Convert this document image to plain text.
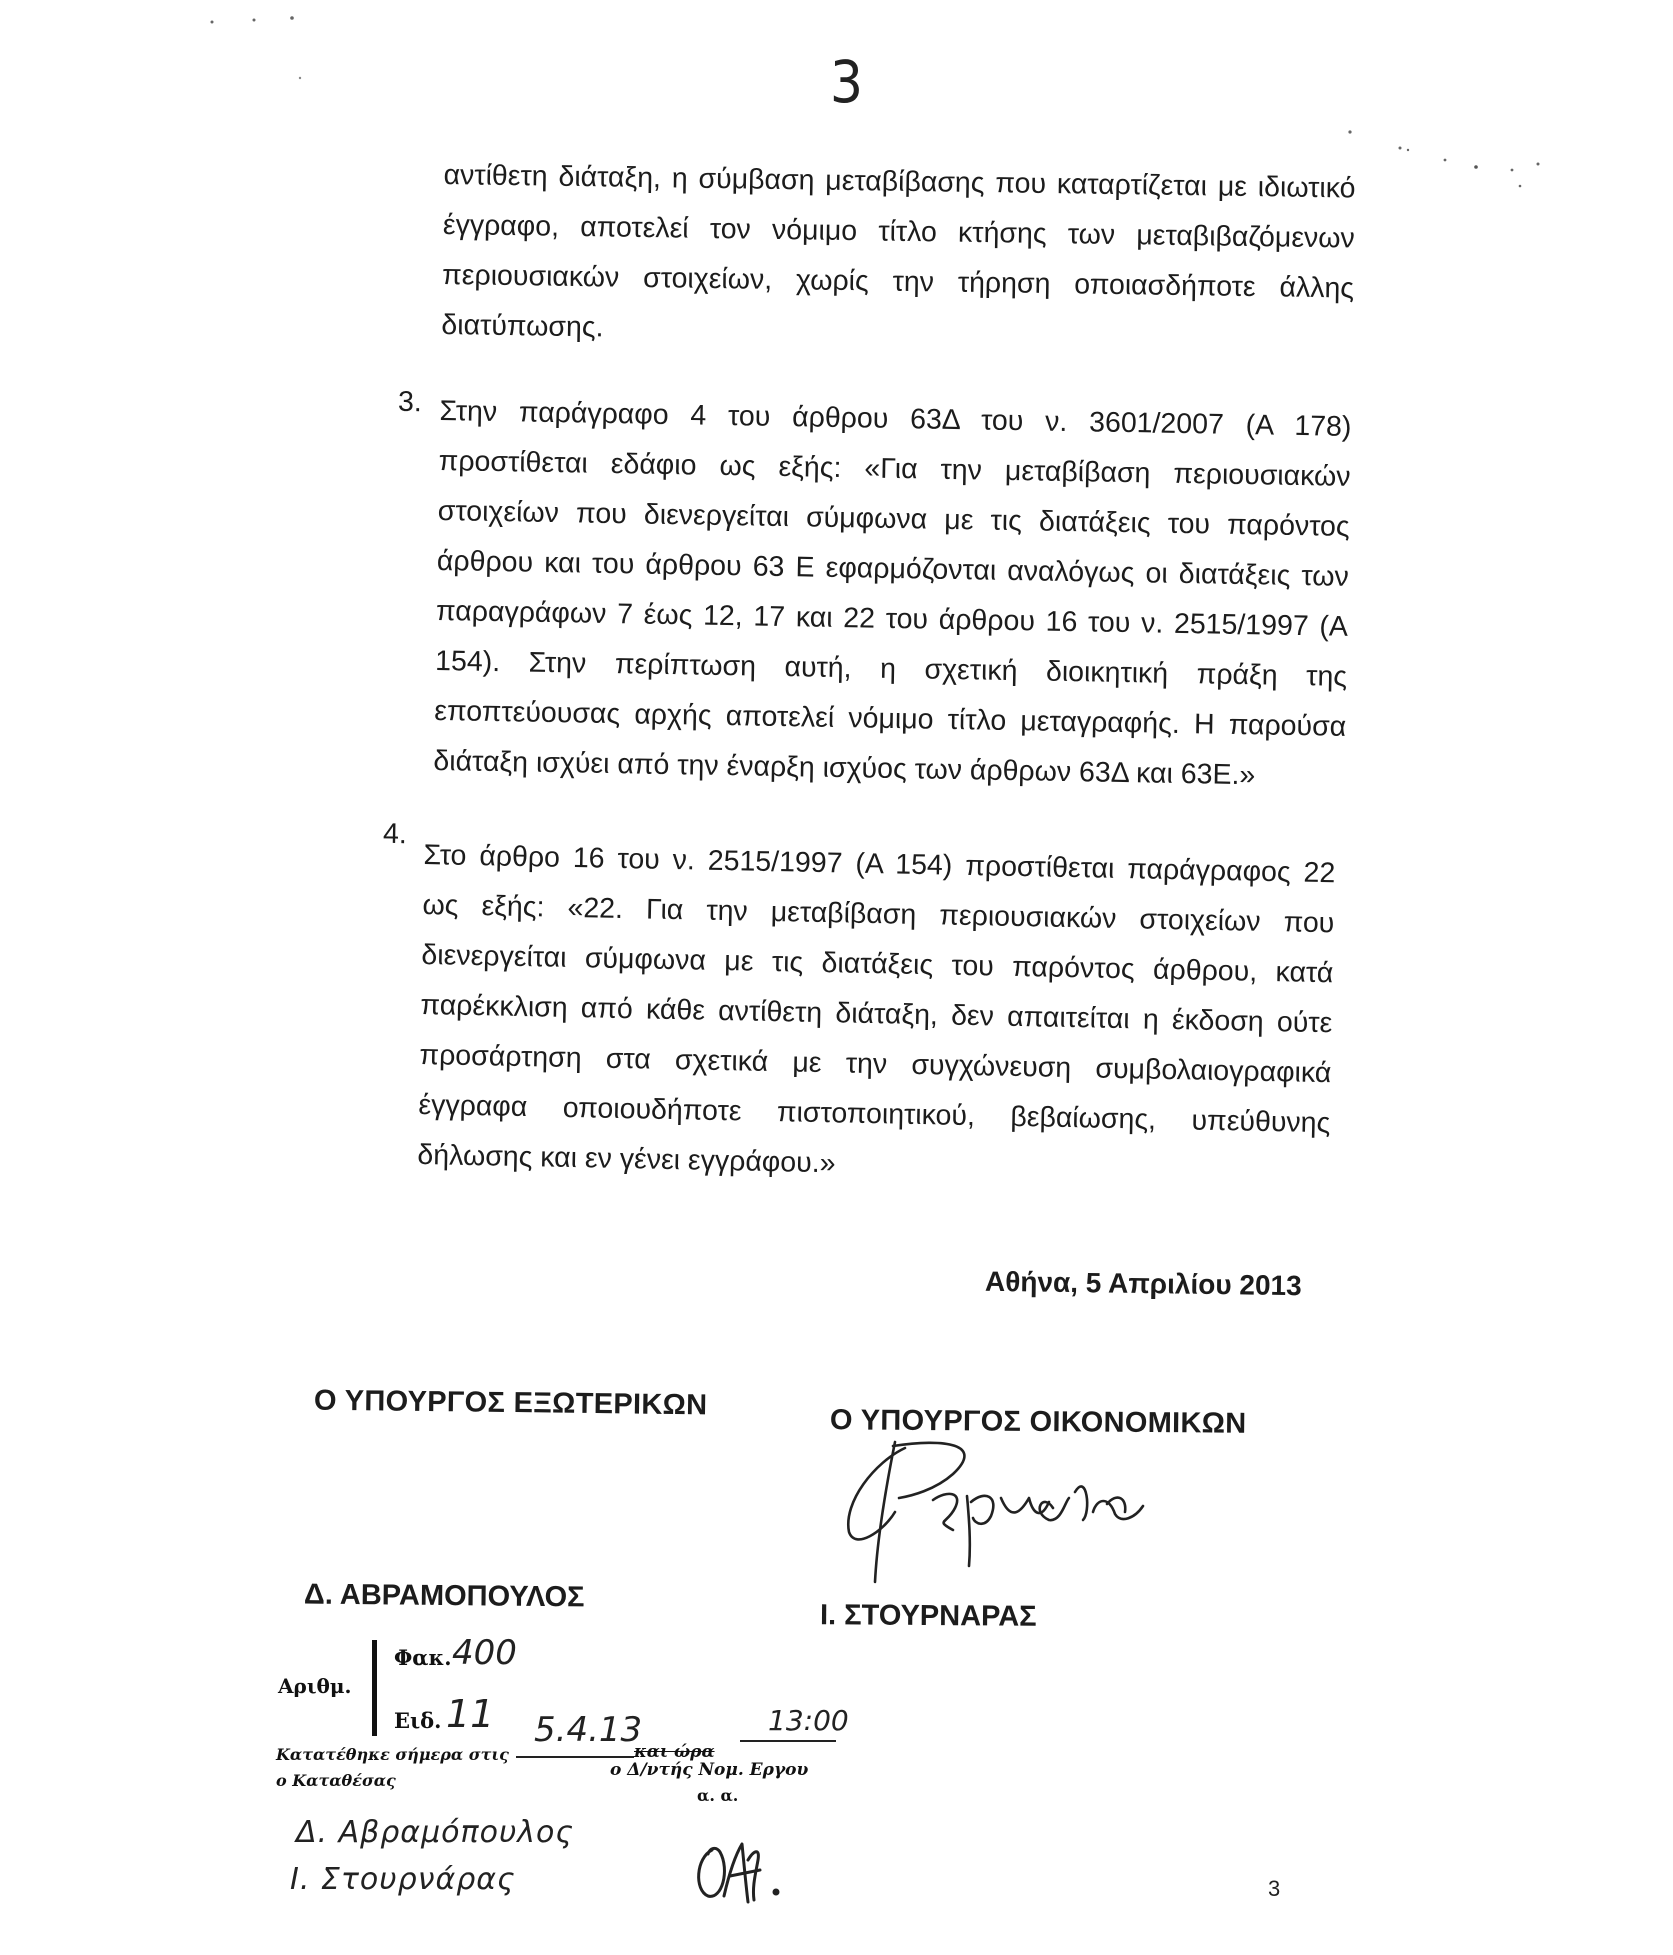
3
αντίθετη διάταξη, η σύμβαση μεταβίβασης που καταρτίζεται με ιδιωτικό
έγγραφο, αποτελεί τον νόμιμο τίτλο κτήσης των μεταβιβαζόμενων
περιουσιακών στοιχείων, χωρίς την τήρηση οποιασδήποτε άλλης
διατύπωσης.
3. Στην παράγραφο 4 του άρθρου 63Δ του ν. 3601/2007 (Α 178)
προστίθεται εδάφιο ως εξής: «Για την μεταβίβαση περιουσιακών
στοιχείων που διενεργείται σύμφωνα με τις διατάξεις του παρόντος
άρθρου και του άρθρου 63 Ε εφαρμόζονται αναλόγως οι διατάξεις των
παραγράφων 7 έως 12, 17 και 22 του άρθρου 16 του ν. 2515/1997 (Α
154). Στην περίπτωση αυτή, η σχετική διοικητική πράξη της
εποπτεύουσας αρχής αποτελεί νόμιμο τίτλο μεταγραφής. Η παρούσα
διάταξη ισχύει από την έναρξη ισχύος των άρθρων 63Δ και 63Ε.»
4.
Στο άρθρο 16 του ν. 2515/1997 (Α 154) προστίθεται παράγραφος 22
ως εξής: «22. Για την μεταβίβαση περιουσιακών στοιχείων που
διενεργείται σύμφωνα με τις διατάξεις του παρόντος άρθρου, κατά
παρέκκλιση από κάθε αντίθετη διάταξη, δεν απαιτείται η έκδοση ούτε
προσάρτηση στα σχετικά με την συγχώνευση συμβολαιογραφικά
έγγραφα οποιουδήποτε πιστοποιητικού, βεβαίωσης, υπεύθυνης
δήλωσης και εν γένει εγγράφου.»
Αθήνα, 5 Απριλίου 2013
Ο ΥΠΟΥΡΓΟΣ ΕΞΩΤΕΡΙΚΩΝ
Ο ΥΠΟΥΡΓΟΣ ΟΙΚΟΝΟΜΙΚΩΝ
Δ. ΑΒΡΑΜΟΠΟΥΛΟΣ
Ι. ΣΤΟΥΡΝΑΡΑΣ
Αριθμ.
Φακ.
Ειδ.
400
11 5.4.13	13:00
Κατατέθηκε σήμερα στις	και ώρα
ο Καταθέσας
ο Δ/ντής Νομ. Εργου
α. α.
Δ. Αβραμόπουλος
Ι. Στουρνάρας	3
